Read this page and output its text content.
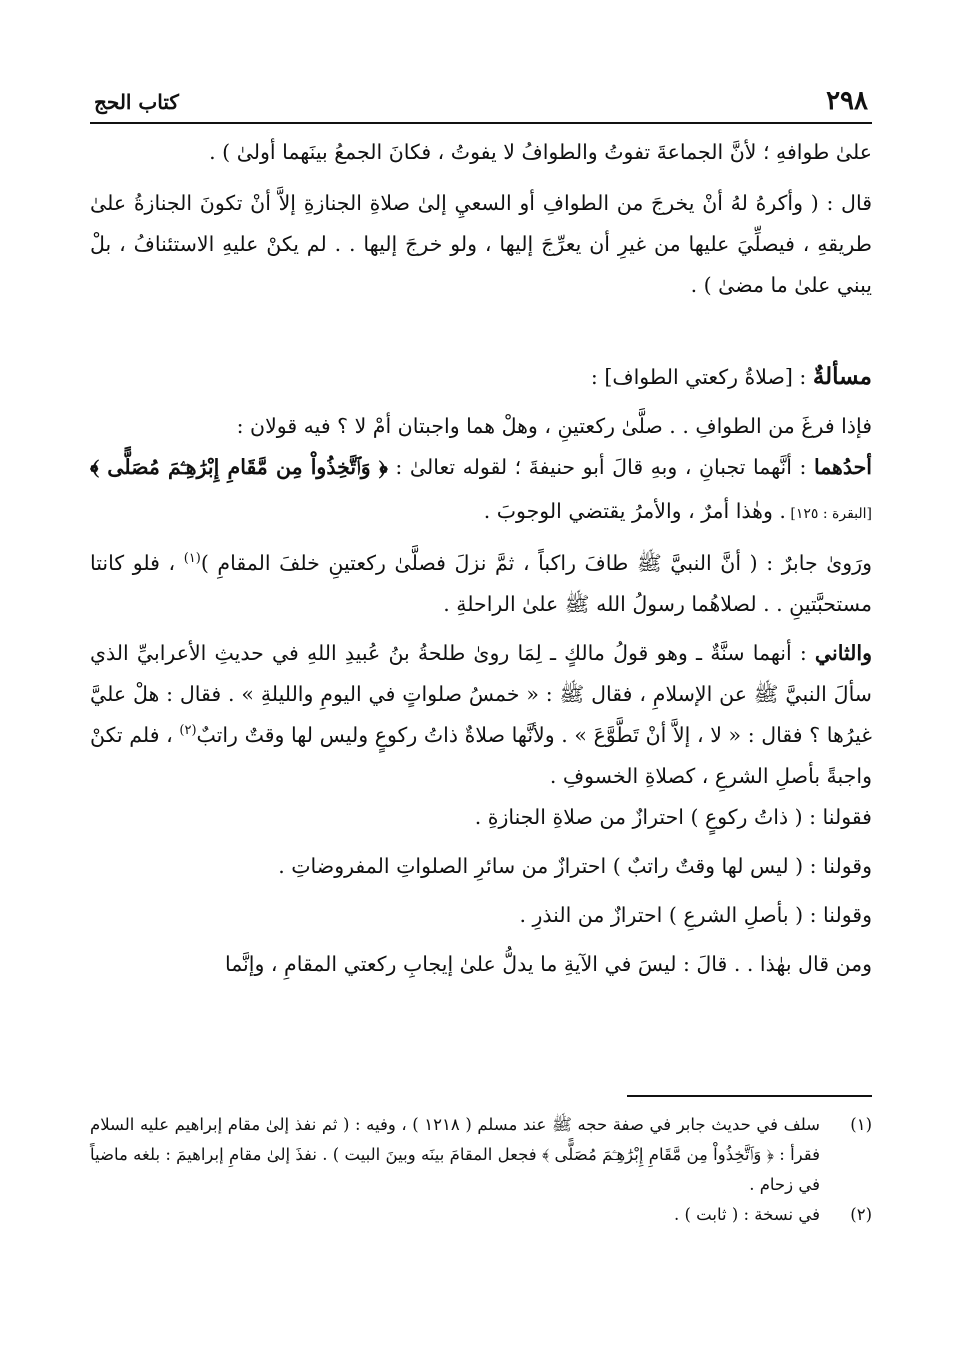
٢٩٨
كتاب الحج

علىٰ طوافهِ ؛ لأنَّ الجماعةَ تفوتُ والطوافُ لا يفوتُ ، فكانَ الجمعُ بينَهما أولىٰ ) .

قال : ( وأكرهُ لهُ أنْ يخرجَ من الطوافِ أو السعيِ إلىٰ صلاةِ الجنازةِ إلاَّ أنْ تكونَ الجنازةُ علىٰ طريقهِ ، فيصلِّيَ عليها من غيرِ أن يعرِّجَ إليها ، ولو خرجَ إليها . . لم يكنْ عليهِ الاستئنافُ ، بلْ يبني علىٰ ما مضىٰ ) .

مسألةٌ : [صلاةُ ركعتي الطواف] :

فإذا فرغَ من الطوافِ . . صلَّىٰ ركعتينِ ، وهلْ هما واجبتان أمْ لا ؟ فيه قولان :

أحدُهما : أنَّهما تجبانِ ، وبهِ قالَ أبو حنيفةَ ؛ لقوله تعالىٰ : ﴿ وَٱتَّخِذُواْ مِن مَّقَامِ إِبْرَٰهِـۧمَ مُصَلًّى ﴾ [البقرة : ١٢٥] . وهٰذا أمرٌ ، والأمرُ يقتضي الوجوبَ .

ورَوىٰ جابرٌ : ( أنَّ النبيَّ ﷺ طافَ راكباً ، ثمَّ نزلَ فصلَّىٰ ركعتينِ خلفَ المقامِ )$^{(١)}$ ، فلو كانتا مستحبَّتينِ . . لصلاهُما رسولُ الله ﷺ علىٰ الراحلةِ .

والثاني : أنهما سنَّةٌ ـ وهو قولُ مالكٍ ـ لِمَا روىٰ طلحةُ بنُ عُبيدِ اللهِ في حديثِ الأعرابيِّ الذي سألَ النبيَّ ﷺ عن الإسلامِ ، فقال ﷺ : « خمسُ صلواتٍ في اليومِ والليلةِ » . فقال : هلْ عليَّ غيرُها ؟ فقال : « لا ، إلاَّ أنْ تَطَّوَّعَ » . ولأنَّها صلاةٌ ذاتُ ركوعٍ وليس لها وقتٌ راتبٌ$^{(٢)}$ ، فلم تكنْ واجبةً بأصلِ الشرعِ ، كصلاةِ الخسوفِ .

فقولنا : ( ذاتُ ركوعٍ ) احترازٌ من صلاةِ الجنازةِ .

وقولنا : ( ليس لها وقتٌ راتبٌ ) احترازٌ من سائرِ الصلواتِ المفروضاتِ .

وقولنا : ( بأصلِ الشرعِ ) احترازٌ من النذرِ .

ومن قال بهٰذا . . قالَ : ليسَ في الآيةِ ما يدلُّ علىٰ إيجابِ ركعتي المقامِ ، وإنَّما

(١)
سلف في حديث جابر في صفة حجه ﷺ عند مسلم ( ١٢١٨ ) ، وفيه : ( ثم نفذ إلىٰ مقام إبراهيم عليه السلام فقرأ : ﴿ وَٱتَّخِذُواْ مِن مَّقَامِ إِبْرَٰهِـۧمَ مُصَلًّى ﴾ فجعل المقامَ بينَه وبينَ البيت ) . نفذَ إلىٰ مقامِ إبراهيمَ : بلغه ماضياً في زحام .
(٢)
في نسخة : ( ثابت ) .
